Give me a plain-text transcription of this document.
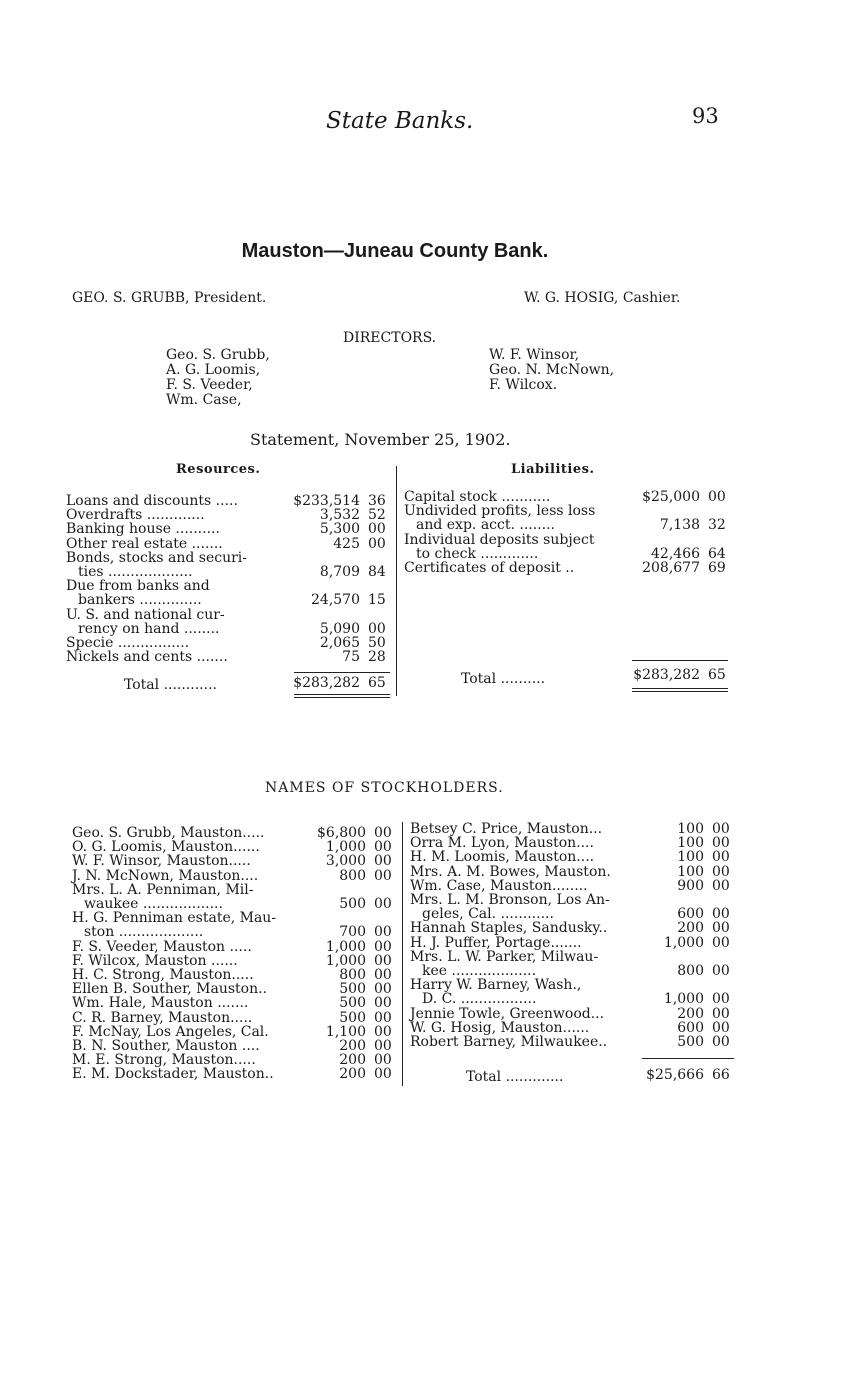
State Banks.	93
Mauston—Juneau County Bank.
GEO. S. GRUBB, President.	W. G. HOSIG, Cashier.
DIRECTORS.
Geo. S. Grubb,
A. G. Loomis,
F. S. Veeder,
Wm. Case,
W. F. Winsor,
Geo. N. McNown,
F. Wilcox.
Statement, November 25, 1902.
Resources.	Liabilities.
Loans and discounts .....	$233,514 36
Overdrafts .............	3,532 52
Banking house ..........	5,300 00
Other real estate .......	425 00
Bonds, stocks and securi-
ties ...................	8,709 84
Due from banks and
bankers ..............	24,570 15
U. S. and national cur-
rency on hand ........	5,090 00
Specie ................	2,065 50
Nickels and cents .......	75 28
Total ............	$283,282 65
Capital stock ...........	$25,000 00
Undivided profits, less loss
and exp. acct. ........	7,138 32
Individual deposits subject
to check .............	42,466 64
Certificates of deposit ..	208,677 69
Total ..........	$283,282 65
NAMES OF STOCKHOLDERS.
Geo. S. Grubb, Mauston.....	$6,800 00
O. G. Loomis, Mauston......	1,000 00
W. F. Winsor, Mauston.....	3,000 00
J. N. McNown, Mauston....	800 00
Mrs. L. A. Penniman, Mil-
waukee ..................	500 00
H. G. Penniman estate, Mau-
ston ...................	700 00
F. S. Veeder, Mauston .....	1,000 00
F. Wilcox, Mauston ......	1,000 00
H. C. Strong, Mauston.....	800 00
Ellen B. Souther, Mauston..	500 00
Wm. Hale, Mauston .......	500 00
C. R. Barney, Mauston.....	500 00
F. McNay, Los Angeles, Cal.	1,100 00
B. N. Souther, Mauston ....	200 00
M. E. Strong, Mauston.....	200 00
E. M. Dockstader, Mauston..	200 00
Betsey C. Price, Mauston...	100 00
Orra M. Lyon, Mauston....	100 00
H. M. Loomis, Mauston....	100 00
Mrs. A. M. Bowes, Mauston.	100 00
Wm. Case, Mauston........	900 00
Mrs. L. M. Bronson, Los An-
geles, Cal. ............	600 00
Hannah Staples, Sandusky..	200 00
H. J. Puffer, Portage.......	1,000 00
Mrs. L. W. Parker, Milwau-
kee ...................	800 00
Harry W. Barney, Wash.,
D. C. .................	1,000 00
Jennie Towle, Greenwood...	200 00
W. G. Hosig, Mauston......	600 00
Robert Barney, Milwaukee..	500 00
Total .............	$25,666 66
